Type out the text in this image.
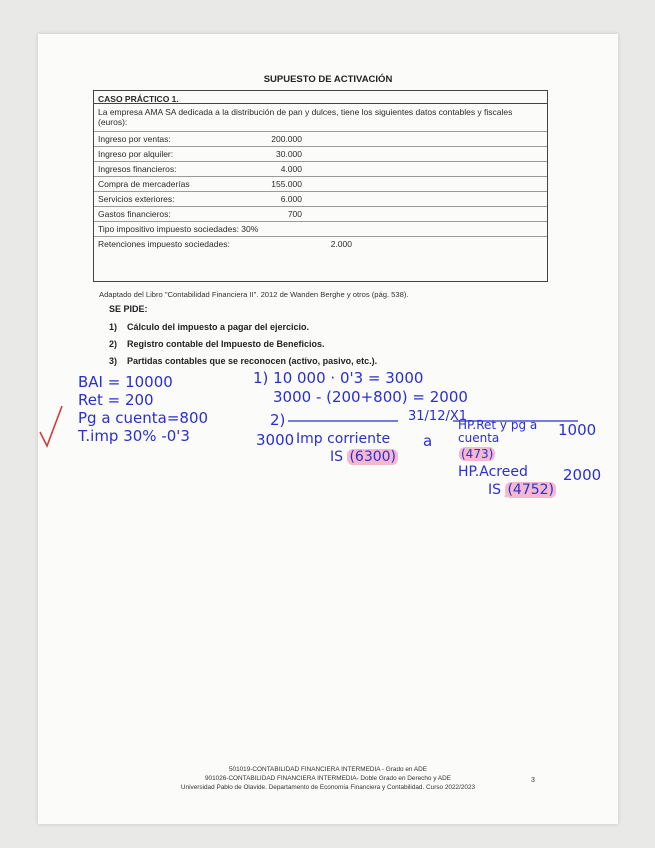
SUPUESTO DE ACTIVACIÓN
CASO PRÁCTICO 1.
La empresa AMA SA dedicada a la distribución de pan y dulces, tiene los siguientes datos contables y fiscales (euros):
Ingreso por ventas:	200.000
Ingreso por alquiler:	30.000
Ingresos financieros:	4.000
Compra de mercaderías	155.000
Servicios exteriores:	6.000
Gastos financieros:	700
Tipo impositivo impuesto sociedades: 30%
Retenciones impuesto sociedades:	2.000
Adaptado del Libro "Contabilidad Financiera II". 2012 de Wanden Berghe y otros (pág. 538).
SE PIDE:
1) Cálculo del impuesto a pagar del ejercicio.
2) Registro contable del Impuesto de Beneficios.
3) Partidas contables que se reconocen (activo, pasivo, etc.).
BAI = 10000
Ret = 200
Pg a cuenta=800
T.imp 30% -0'3
1) 10 000 · 0'3 = 3000
3000 - (200+800) = 2000
2)	31/12/X1
3000 Imp corriente
IS (6300)
a
HP.Ret y pg a cuenta	1000
(473)
HP.Acreed 2000
IS (4752)
501019-CONTABILIDAD FINANCIERA INTERMEDIA - Grado en ADE
901026-CONTABILIDAD FINANCIERA INTERMEDIA- Doble Grado en Derecho y ADE
Universidad Pablo de Olavide. Departamento de Economía Financiera y Contabilidad. Curso 2022/2023
3
